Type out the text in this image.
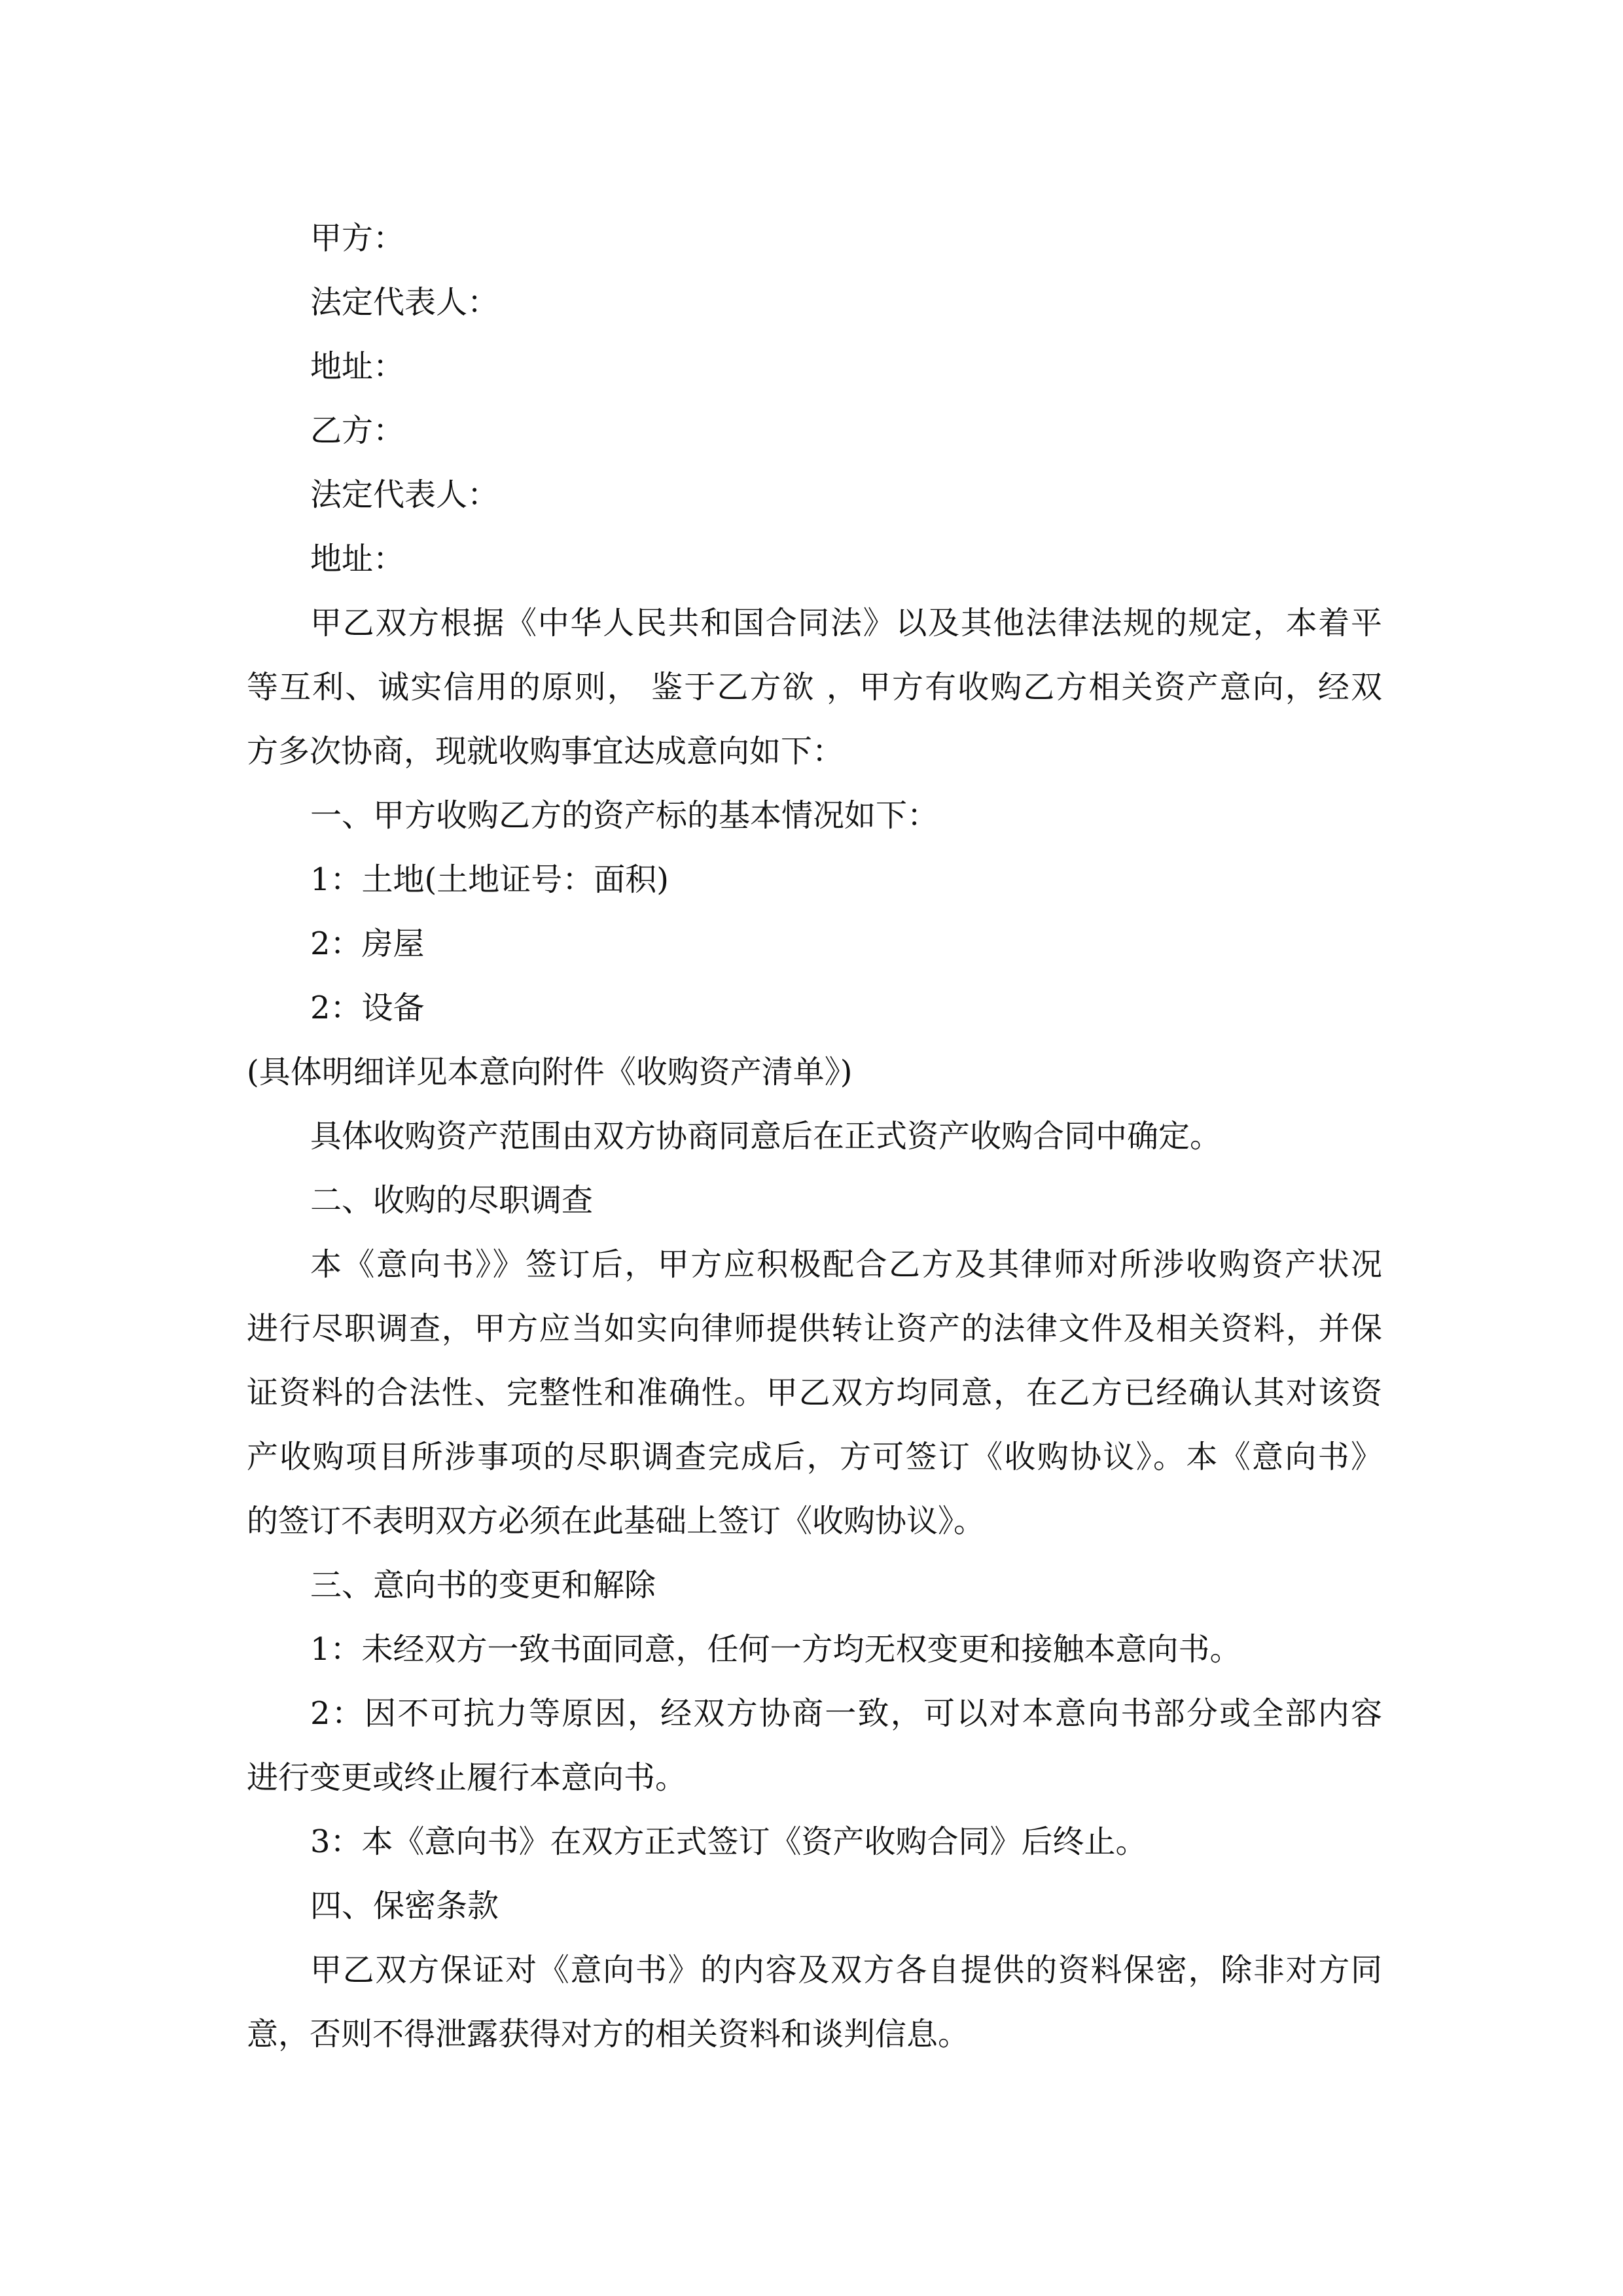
甲方：
法定代表人：
地址：
乙方：
法定代表人：
地址：
甲乙双方根据《中华人民共和国合同法》以及其他法律法规的规定，本着平
等互利、诚实信用的原则， 鉴于乙方欲 ，甲方有收购乙方相关资产意向，经双
方多次协商，现就收购事宜达成意向如下：
一、甲方收购乙方的资产标的基本情况如下：
1：土地(土地证号：面积)
2：房屋
2：设备
(具体明细详见本意向附件《收购资产清单》)
具体收购资产范围由双方协商同意后在正式资产收购合同中确定。
二、收购的尽职调查
本《意向书》》签订后，甲方应积极配合乙方及其律师对所涉收购资产状况
进行尽职调查，甲方应当如实向律师提供转让资产的法律文件及相关资料，并保
证资料的合法性、完整性和准确性。甲乙双方均同意，在乙方已经确认其对该资
产收购项目所涉事项的尽职调查完成后，方可签订《收购协议》。本《意向书》
的签订不表明双方必须在此基础上签订《收购协议》。
三、意向书的变更和解除
1：未经双方一致书面同意，任何一方均无权变更和接触本意向书。
2：因不可抗力等原因，经双方协商一致，可以对本意向书部分或全部内容
进行变更或终止履行本意向书。
3：本《意向书》在双方正式签订《资产收购合同》后终止。
四、保密条款
甲乙双方保证对《意向书》的内容及双方各自提供的资料保密，除非对方同
意，否则不得泄露获得对方的相关资料和谈判信息。
